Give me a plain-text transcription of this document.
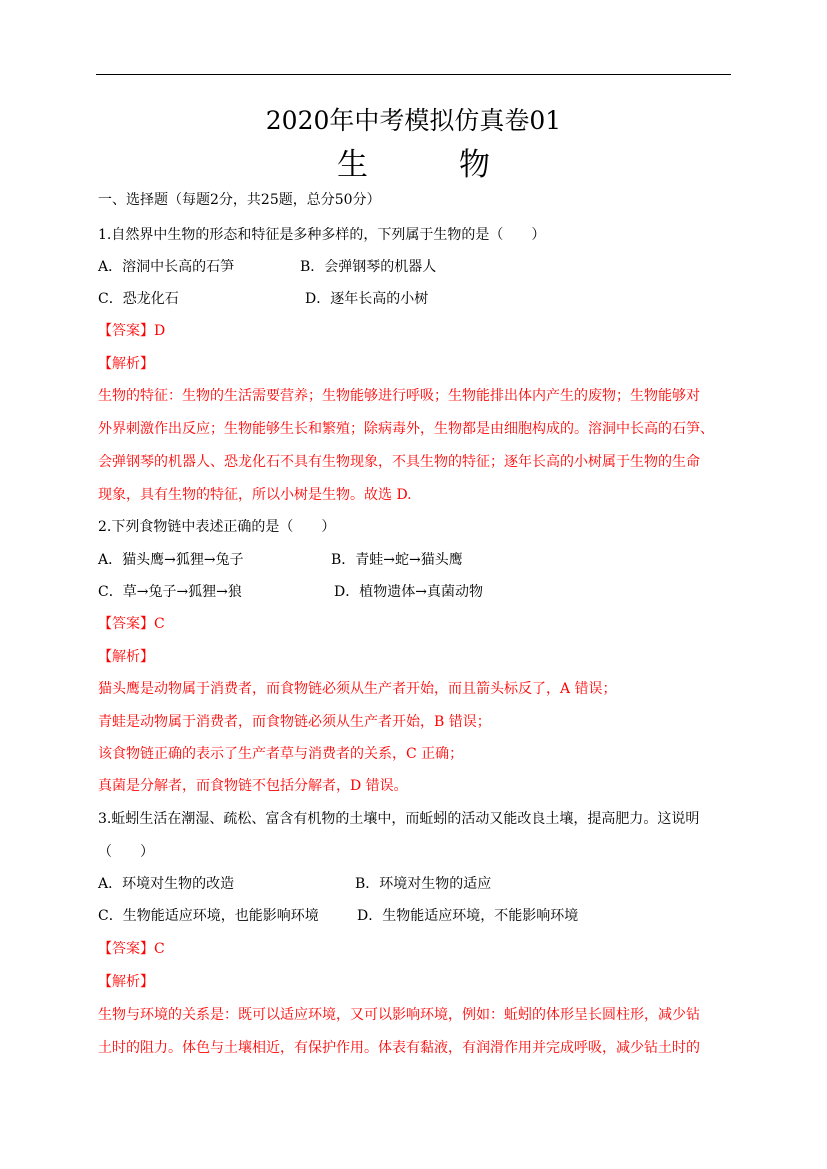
2020年中考模拟仿真卷01
生　物
一、选择题（每题2分，共25题，总分50分）
1.自然界中生物的形态和特征是多种多样的，下列属于生物的是（　　）
A．溶洞中长高的石笋	B．会弹钢琴的机器人
C．恐龙化石	D．逐年长高的小树
【答案】D
【解析】
生物的特征：生物的生活需要营养；生物能够进行呼吸；生物能排出体内产生的废物；生物能够对
外界刺激作出反应；生物能够生长和繁殖；除病毒外，生物都是由细胞构成的。溶洞中长高的石笋、
会弹钢琴的机器人、恐龙化石不具有生物现象，不具生物的特征；逐年长高的小树属于生物的生命
现象，具有生物的特征，所以小树是生物。故选 D.
2.下列食物链中表述正确的是（　　）
A．猫头鹰→狐狸→兔子	B．青蛙→蛇→猫头鹰
C．草→兔子→狐狸→狼	D．植物遗体→真菌动物
【答案】C
【解析】
猫头鹰是动物属于消费者，而食物链必须从生产者开始，而且箭头标反了，A 错误；
青蛙是动物属于消费者，而食物链必须从生产者开始，B 错误；
该食物链正确的表示了生产者草与消费者的关系，C 正确；
真菌是分解者，而食物链不包括分解者，D 错误。
3.蚯蚓生活在潮湿、疏松、富含有机物的土壤中，而蚯蚓的活动又能改良土壤，提高肥力。这说明
（　　）
A．环境对生物的改造	B．环境对生物的适应
C．生物能适应环境，也能影响环境	D．生物能适应环境，不能影响环境
【答案】C
【解析】
生物与环境的关系是：既可以适应环境，又可以影响环境，例如：蚯蚓的体形呈长圆柱形，减少钻
土时的阻力。体色与土壤相近，有保护作用。体表有黏液，有润滑作用并完成呼吸，减少钻土时的
